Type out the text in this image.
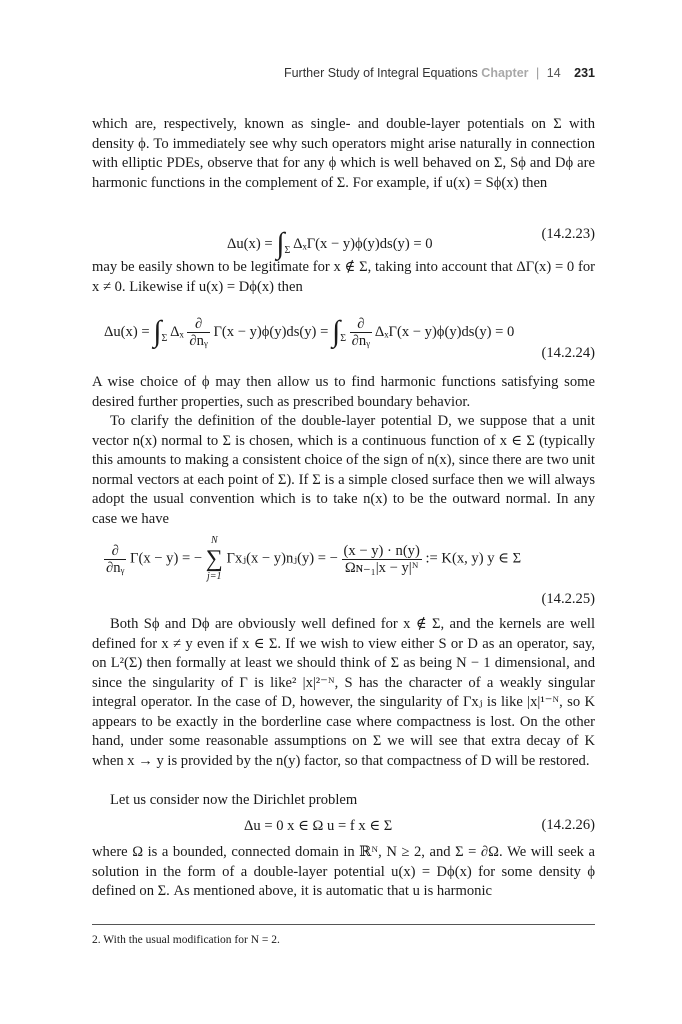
Further Study of Integral Equations Chapter | 14 231

which are, respectively, known as single- and double-layer potentials on Σ with density ϕ. To immediately see why such operators might arise naturally in connection with elliptic PDEs, observe that for any ϕ which is well behaved on Σ, Sϕ and Dϕ are harmonic functions in the complement of Σ. For example, if u(x) = Sϕ(x) then

$\Delta u(x) = \int_\Sigma$ ΔₓΓ(x − y)ϕ(y)ds(y) = 0
(14.2.23)

may be easily shown to be legitimate for x ∉ Σ, taking into account that ΔΓ(x) = 0 for x ≠ 0. Likewise if u(x) = Dϕ(x) then

$\Delta u(x) = \int_\Sigma$ Δₓ $\frac{\partial}{\text{∂nᵧ}} \Gamma(x - y)\phi(y)ds(y) = \int_\Sigma \frac{\partial}{\text{∂nᵧ}} \Delta_x\Gamma(x - y)\phi(y)ds(y) = 0$
(14.2.24)

A wise choice of ϕ may then allow us to find harmonic functions satisfying some desired further properties, such as prescribed boundary behavior.

To clarify the definition of the double-layer potential D, we suppose that a unit vector n(x) normal to Σ is chosen, which is a continuous function of x ∈ Σ (typically this amounts to making a consistent choice of the sign of n(x), since there are two unit normal vectors at each point of Σ). If Σ is a simple closed surface then we will always adopt the usual convention which is to take n(x) to be the outward normal. In any case we have

$\frac{\partial}{\text{∂nᵧ}} \Gamma(x - y)$ = −
N
∑
j=1
Γxⱼ(x − y)nⱼ(y) = − $\frac{(x - y) \cdot n(y)}{\text{Ωɴ₋₁|x − y|ᴺ}}$ := K(x, y) y ∈ Σ
(14.2.25)

Both Sϕ and Dϕ are obviously well defined for x ∉ Σ, and the kernels are well defined for x ≠ y even if x ∈ Σ. If we wish to view either S or D as an operator, say, on L²(Σ) then formally at least we should think of Σ as being N − 1 dimensional, and since the singularity of Γ is like² |x|²⁻ᴺ, S has the character of a weakly singular integral operator. In the case of D, however, the singularity of Γxⱼ is like |x|¹⁻ᴺ, so K appears to be exactly in the borderline case where compactness is lost. On the other hand, under some reasonable assumptions on Σ we will see that extra decay of K when x → y is provided by the n(y) factor, so that compactness of D will be restored.

Let us consider now the Dirichlet problem

Δu = 0 x ∈ Ω u = f x ∈ Σ	(14.2.26)

where Ω is a bounded, connected domain in ℝᴺ, N ≥ 2, and Σ = ∂Ω. We will seek a solution in the form of a double-layer potential u(x) = Dϕ(x) for some density ϕ defined on Σ. As mentioned above, it is automatic that u is harmonic

2. With the usual modification for N = 2.
